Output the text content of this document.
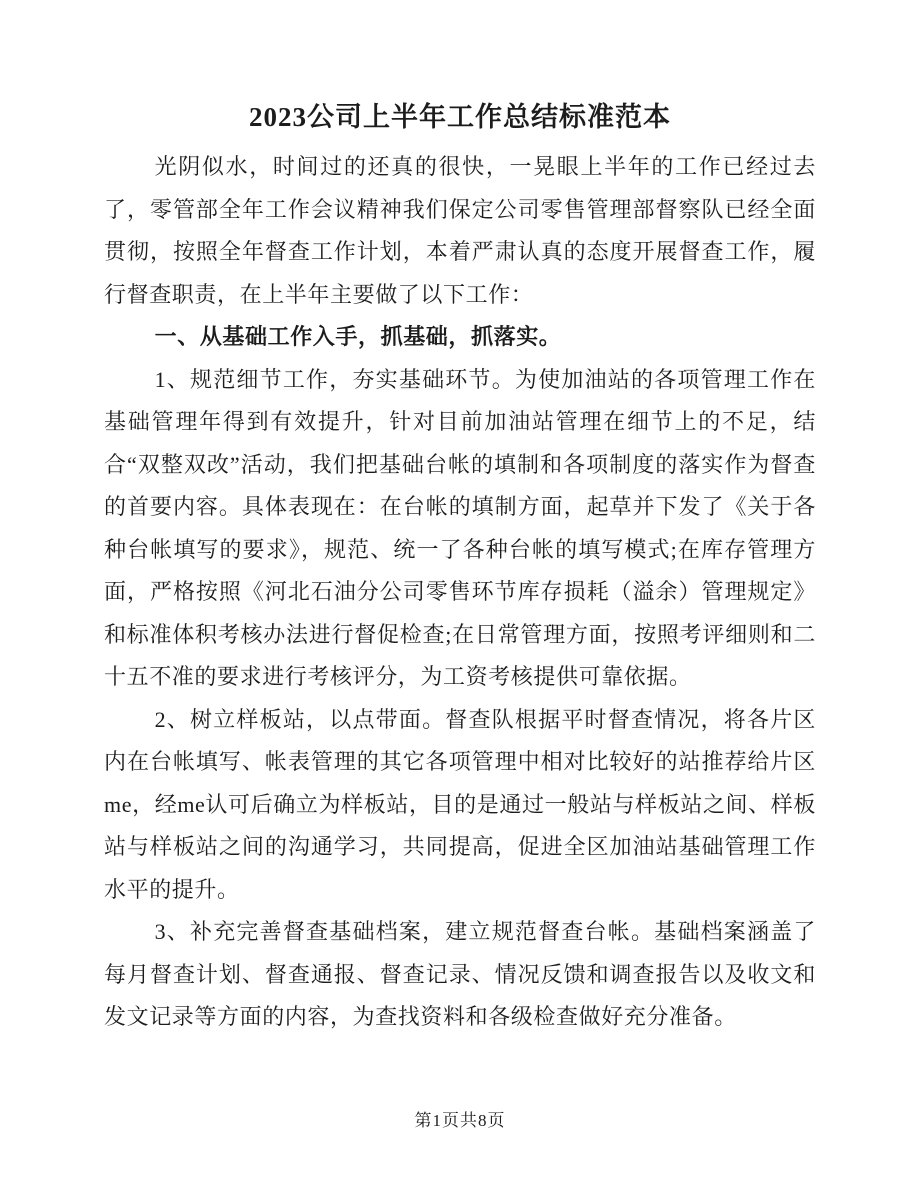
2023公司上半年工作总结标准范本

光阴似水，时间过的还真的很快，一晃眼上半年的工作已经过去了，零管部全年工作会议精神我们保定公司零售管理部督察队已经全面贯彻，按照全年督查工作计划，本着严肃认真的态度开展督查工作，履行督查职责，在上半年主要做了以下工作：

一、从基础工作入手，抓基础，抓落实。

1、规范细节工作，夯实基础环节。为使加油站的各项管理工作在基础管理年得到有效提升，针对目前加油站管理在细节上的不足，结合“双整双改”活动，我们把基础台帐的填制和各项制度的落实作为督查的首要内容。具体表现在：在台帐的填制方面，起草并下发了《关于各种台帐填写的要求》，规范、统一了各种台帐的填写模式;在库存管理方面，严格按照《河北石油分公司零售环节库存损耗（溢余）管理规定》和标准体积考核办法进行督促检查;在日常管理方面，按照考评细则和二十五不准的要求进行考核评分，为工资考核提供可靠依据。

2、树立样板站，以点带面。督查队根据平时督查情况，将各片区内在台帐填写、帐表管理的其它各项管理中相对比较好的站推荐给片区me，经me认可后确立为样板站，目的是通过一般站与样板站之间、样板站与样板站之间的沟通学习，共同提高，促进全区加油站基础管理工作水平的提升。

3、补充完善督查基础档案，建立规范督查台帐。基础档案涵盖了每月督查计划、督查通报、督查记录、情况反馈和调查报告以及收文和发文记录等方面的内容，为查找资料和各级检查做好充分准备。

第1页共8页
